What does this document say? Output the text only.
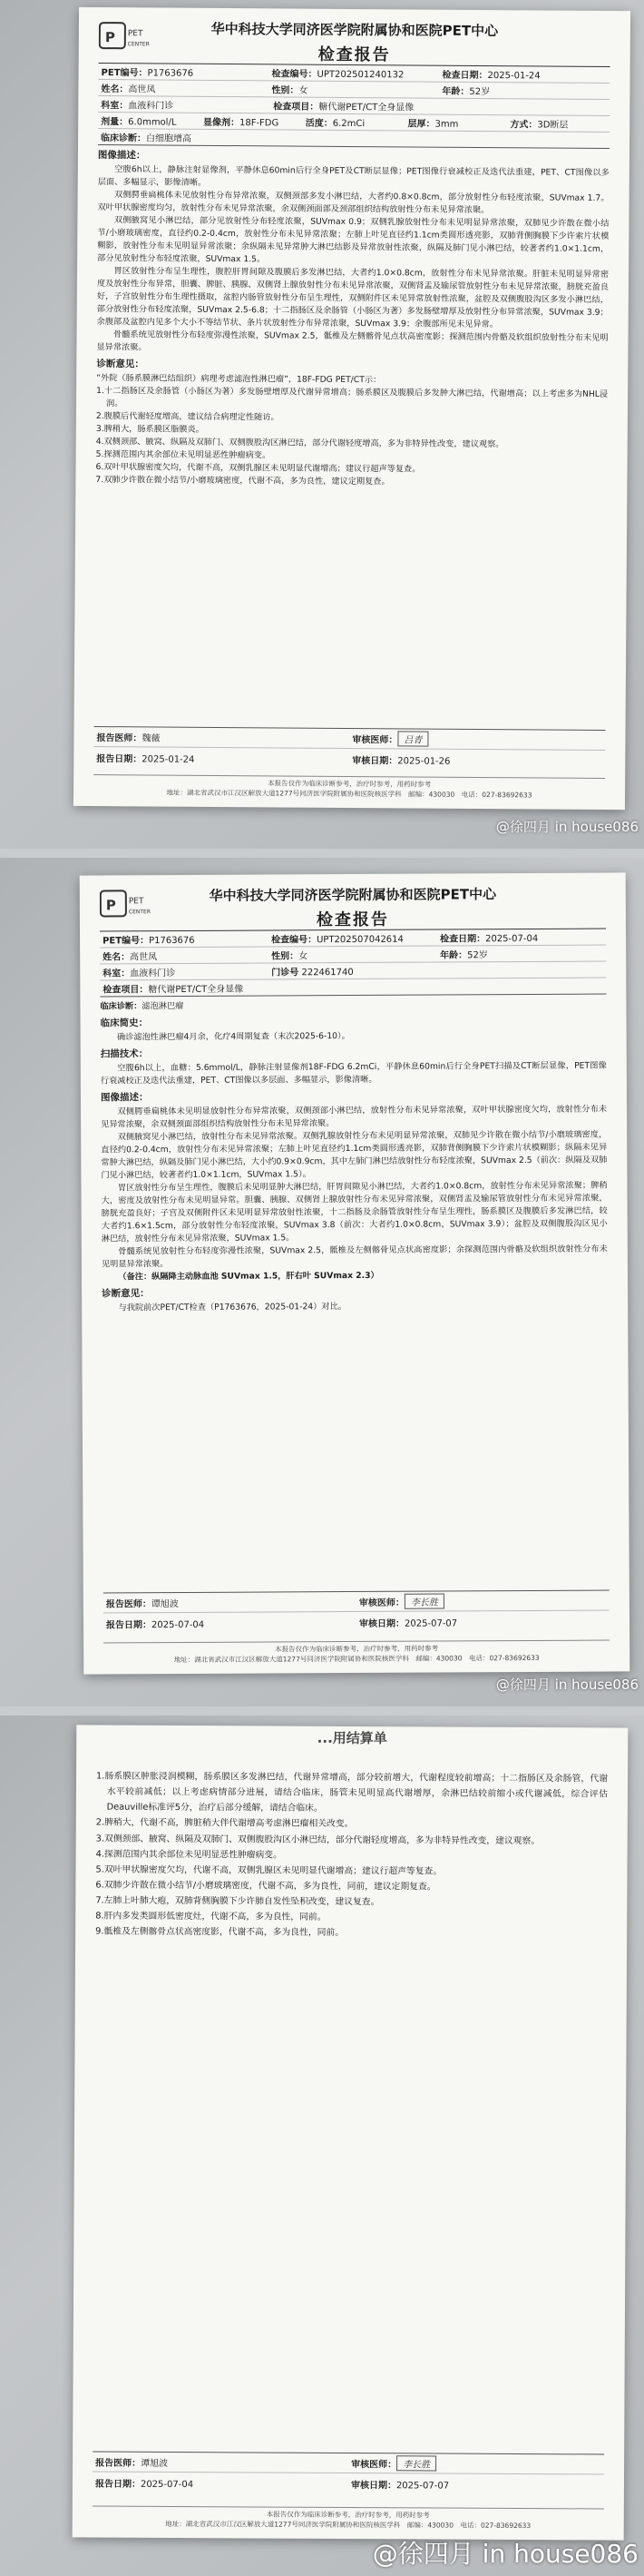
P PET
CENTER
华中科技大学同济医学院附属协和医院PET中心
检查报告
PET编号：P1763676	检查编号：UPT202501240132	检查日期：2025-01-24
姓名：高世凤	性别：女	年龄：52岁
科室：血液科门诊	检查项目：糖代谢PET/CT全身显像
剂量：6.0mmol/L	显像剂：18F-FDG	活度：6.2mCi	层厚：3mm	方式：3D断层
临床诊断：白细胞增高
图像描述：
空腹6h以上，静脉注射显像剂，平静休息60min后行全身PET及CT断层显像；PET图像行衰减校正及迭代法重建，PET、CT图像以多层面、多幅显示，影像清晰。
双侧腭垂扁桃体未见放射性分布异常浓聚，双侧颈部多发小淋巴结，大者约0.8×0.8cm，部分放射性分布轻度浓聚，SUVmax 1.7。双叶甲状腺密度均匀，放射性分布未见异常浓聚，余双侧颈面部及颈部组织结构放射性分布未见异常浓聚。
双侧腋窝见小淋巴结，部分见放射性分布轻度浓聚，SUVmax 0.9；双侧乳腺放射性分布未见明显异常浓聚，双肺见少许散在微小结节/小磨玻璃密度，直径约0.2-0.4cm，放射性分布未见异常浓聚；左肺上叶见直径约1.1cm类圆形透亮影，双肺背侧胸膜下少许索片状模糊影，放射性分布未见明显异常浓聚；余纵隔未见异常肿大淋巴结影及异常放射性浓聚，纵隔及肺门见小淋巴结，较著者约1.0×1.1cm，部分见放射性分布轻度浓聚，SUVmax 1.5。
胃区放射性分布呈生理性，腹腔肝胃间隙及腹膜后多发淋巴结，大者约1.0×0.8cm，放射性分布未见异常浓聚。肝脏未见明显异常密度及放射性分布异常，胆囊、脾脏、胰腺、双侧肾上腺放射性分布未见异常浓聚，双侧肾盂及输尿管放射性分布未见异常浓聚，膀胱充盈良好，子宫放射性分布生理性摄取，盆腔内肠管放射性分布呈生理性，双侧附件区未见异常放射性浓聚，盆腔及双侧腹股沟区多发小淋巴结，部分放射性分布轻度浓聚，SUVmax 2.5-6.8；十二指肠区及余肠管（小肠区为著）多发肠壁增厚及放射性分布异常浓聚，SUVmax 3.9；余腹部及盆腔内见多个大小不等结节状、条片状放射性分布异常浓聚，SUVmax 3.9；余腹部所见未见异常。
骨髓系统见放射性分布轻度弥漫性浓聚，SUVmax 2.5，骶椎及左侧髂骨见点状高密度影；探测范围内骨骼及软组织放射性分布未见明显异常浓聚。
诊断意见：
“外院（肠系膜淋巴结组织）病理考虑滤泡性淋巴瘤”，18F-FDG PET/CT示：
1.十二指肠区及余肠管（小肠区为著）多发肠壁增厚及代谢异常增高；肠系膜区及腹膜后多发肿大淋巴结，代谢增高；以上考虑多为NHL浸润。
2.腹膜后代谢轻度增高，建议结合病理定性随访。
3.脾稍大，肠系膜区脂膜炎。
4.双侧颈部、腋窝、纵隔及双肺门、双侧腹股沟区淋巴结，部分代谢轻度增高，多为非特异性改变，建议观察。
5.探测范围内其余部位未见明显恶性肿瘤病变。
6.双叶甲状腺密度欠均，代谢不高，双侧乳腺区未见明显代谢增高；建议行超声等复查。
7.双肺少许散在微小结节/小磨玻璃密度，代谢不高，多为良性，建议定期复查。
报告医师：魏薇	审核医师： 吕青
报告日期：2025-01-24	审核日期：2025-01-26
本报告仅作为临床诊断参考，治疗时参考，用药时参考
地址：湖北省武汉市江汉区解放大道1277号同济医学院附属协和医院核医学科　 邮编：430030　 电话：027-83692633
@徐四月 in house086
P PET
CENTER
华中科技大学同济医学院附属协和医院PET中心
检查报告
PET编号：P1763676	检查编号：UPT202507042614	检查日期：2025-07-04
姓名：高世凤	性别：女	年龄：52岁
科室：血液科门诊	门诊号 222461740
检查项目：糖代谢PET/CT全身显像
临床诊断：滤泡淋巴瘤
临床简史：
确诊滤泡性淋巴瘤4月余，化疗4周期复查（末次2025-6-10）。
扫描技术：
空腹6h以上，血糖：5.6mmol/L，静脉注射显像剂18F-FDG 6.2mCi，平静休息60min后行全身PET扫描及CT断层显像，PET图像行衰减校正及迭代法重建，PET、CT图像以多层面、多幅显示，影像清晰。
图像描述：
双侧腭垂扁桃体未见明显放射性分布异常浓聚，双侧颈部小淋巴结，放射性分布未见异常浓聚，双叶甲状腺密度欠均，放射性分布未见异常浓聚，余双侧颈面部组织结构放射性分布未见异常浓聚。
双侧腋窝见小淋巴结，放射性分布未见异常浓聚。双侧乳腺放射性分布未见明显异常浓聚，双肺见少许散在微小结节/小磨玻璃密度，直径约0.2-0.4cm，放射性分布未见异常浓聚；左肺上叶见直径约1.1cm类圆形透亮影，双肺背侧胸膜下少许索片状模糊影；纵隔未见异常肿大淋巴结，纵隔及肺门见小淋巴结，大小约0.9×0.9cm，其中左肺门淋巴结放射性分布轻度浓聚，SUVmax 2.5（前次：纵隔及双肺门见小淋巴结，较著者约1.0×1.1cm，SUVmax 1.5）。
胃区放射性分布呈生理性，腹膜后未见明显肿大淋巴结，肝胃间隙见小淋巴结，大者约1.0×0.8cm，放射性分布未见异常浓聚；脾稍大，密度及放射性分布未见明显异常。胆囊、胰腺、双侧肾上腺放射性分布未见异常浓聚，双侧肾盂及输尿管放射性分布未见异常浓聚，膀胱充盈良好；子宫及双侧附件区未见明显异常放射性浓聚，十二指肠及余肠管放射性分布呈生理性，肠系膜区及腹膜后多发淋巴结，较大者约1.6×1.5cm，部分放射性分布轻度浓聚，SUVmax 3.8（前次：大者约1.0×0.8cm，SUVmax 3.9）；盆腔及双侧腹股沟区见小淋巴结，放射性分布未见异常浓聚，SUVmax 1.5。
骨髓系统见放射性分布轻度弥漫性浓聚，SUVmax 2.5，骶椎及左侧髂骨见点状高密度影；余探测范围内骨骼及软组织放射性分布未见明显异常浓聚。
（备注：纵隔降主动脉血池 SUVmax 1.5，肝右叶 SUVmax 2.3）
诊断意见：
与我院前次PET/CT检查（P1763676，2025-01-24）对比。
报告医师：谭旭波	审核医师： 李长胜
报告日期：2025-07-04	审核日期：2025-07-07
本报告仅作为临床诊断参考，治疗时参考，用药时参考
地址：湖北省武汉市江汉区解放大道1277号同济医学院附属协和医院核医学科　 邮编：430030　 电话：027-83692633
@徐四月 in house086
...用结算单
1.肠系膜区肿胀浸润模糊，肠系膜区多发淋巴结，代谢异常增高，部分较前增大，代谢程度较前增高；十二指肠区及余肠管，代谢水平较前减低；以上考虑病情部分进展，请结合临床，肠管未见明显高代谢增厚，余淋巴结较前缩小或代谢减低，综合评估Deauville标准评5分，治疗后部分缓解，请结合临床。
2.脾稍大，代谢不高，脾脏稍大伴代谢增高考虑淋巴瘤相关改变。
3.双侧颈部、腋窝、纵隔及双肺门、双侧腹股沟区小淋巴结，部分代谢轻度增高，多为非特异性改变，建议观察。
4.探测范围内其余部位未见明显恶性肿瘤病变。
5.双叶甲状腺密度欠均，代谢不高，双侧乳腺区未见明显代谢增高；建议行超声等复查。
6.双肺少许散在微小结节/小磨玻璃密度，代谢不高，多为良性，同前，建议定期复查。
7.左肺上叶肺大疱，双肺背侧胸膜下少许肺自发性坠积改变，建议复查。
8.肝内多发类圆形低密度灶，代谢不高，多为良性，同前。
9.骶椎及左侧髂骨点状高密度影，代谢不高，多为良性，同前。
报告医师：谭旭波	审核医师： 李长胜
报告日期：2025-07-04	审核日期：2025-07-07
本报告仅作为临床诊断参考，治疗时参考，用药时参考
地址：湖北省武汉市江汉区解放大道1277号同济医学院附属协和医院核医学科　 邮编：430030　 电话：027-83692633
@徐四月 in house086
